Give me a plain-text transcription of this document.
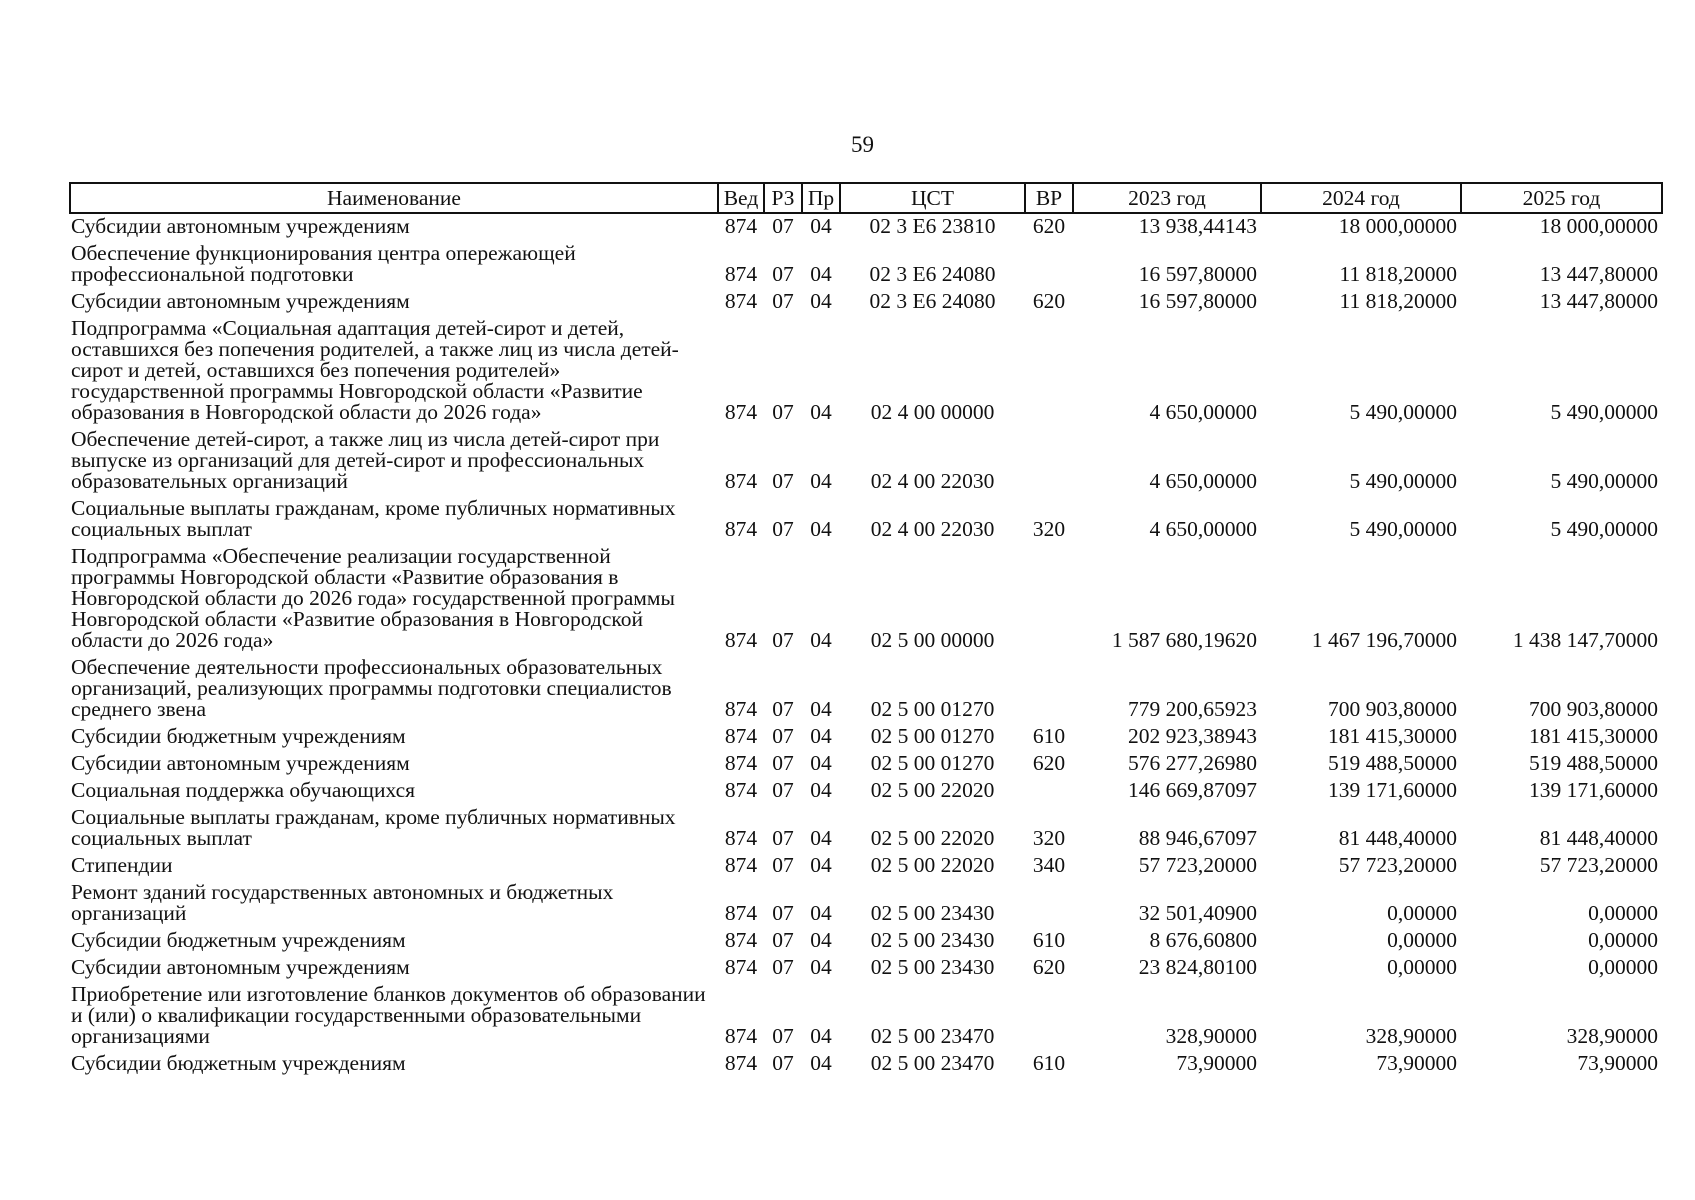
59
Наименование	Вед	РЗ	Пр	ЦСТ	ВР	2023 год	2024 год	2025 год
Субсидии автономным учреждениям	874	07	04	02 3 Е6 23810	620	13 938,44143	18 000,00000	18 000,00000
Обеспечение функционирования центра опережающей профессиональной подготовки	874	07	04	02 3 Е6 24080		16 597,80000	11 818,20000	13 447,80000
Субсидии автономным учреждениям	874	07	04	02 3 Е6 24080	620	16 597,80000	11 818,20000	13 447,80000
Подпрограмма «Социальная адаптация детей-сирот и детей, оставшихся без попечения родителей, а также лиц из числа детей-сирот и детей, оставшихся без попечения родителей» государственной программы Новгородской области «Развитие образования в Новгородской области до 2026 года»	874	07	04	02 4 00 00000		4 650,00000	5 490,00000	5 490,00000
Обеспечение детей-сирот, а также лиц из числа детей-сирот при выпуске из организаций для детей-сирот и профессиональных образовательных организаций	874	07	04	02 4 00 22030		4 650,00000	5 490,00000	5 490,00000
Социальные выплаты гражданам, кроме публичных нормативных социальных выплат	874	07	04	02 4 00 22030	320	4 650,00000	5 490,00000	5 490,00000
Подпрограмма «Обеспечение реализации государственной программы Новгородской области «Развитие образования в Новгородской области до 2026 года» государственной программы Новгородской области «Развитие образования в Новгородской области до 2026 года»	874	07	04	02 5 00 00000		1 587 680,19620	1 467 196,70000	1 438 147,70000
Обеспечение деятельности профессиональных образовательных организаций, реализующих программы подготовки специалистов среднего звена	874	07	04	02 5 00 01270		779 200,65923	700 903,80000	700 903,80000
Субсидии бюджетным учреждениям	874	07	04	02 5 00 01270	610	202 923,38943	181 415,30000	181 415,30000
Субсидии автономным учреждениям	874	07	04	02 5 00 01270	620	576 277,26980	519 488,50000	519 488,50000
Социальная поддержка обучающихся	874	07	04	02 5 00 22020		146 669,87097	139 171,60000	139 171,60000
Социальные выплаты гражданам, кроме публичных нормативных социальных выплат	874	07	04	02 5 00 22020	320	88 946,67097	81 448,40000	81 448,40000
Стипендии	874	07	04	02 5 00 22020	340	57 723,20000	57 723,20000	57 723,20000
Ремонт зданий государственных автономных и бюджетных организаций	874	07	04	02 5 00 23430		32 501,40900	0,00000	0,00000
Субсидии бюджетным учреждениям	874	07	04	02 5 00 23430	610	8 676,60800	0,00000	0,00000
Субсидии автономным учреждениям	874	07	04	02 5 00 23430	620	23 824,80100	0,00000	0,00000
Приобретение или изготовление бланков документов об образовании и (или) о квалификации государственными образовательными организациями	874	07	04	02 5 00 23470		328,90000	328,90000	328,90000
Субсидии бюджетным учреждениям	874	07	04	02 5 00 23470	610	73,90000	73,90000	73,90000
